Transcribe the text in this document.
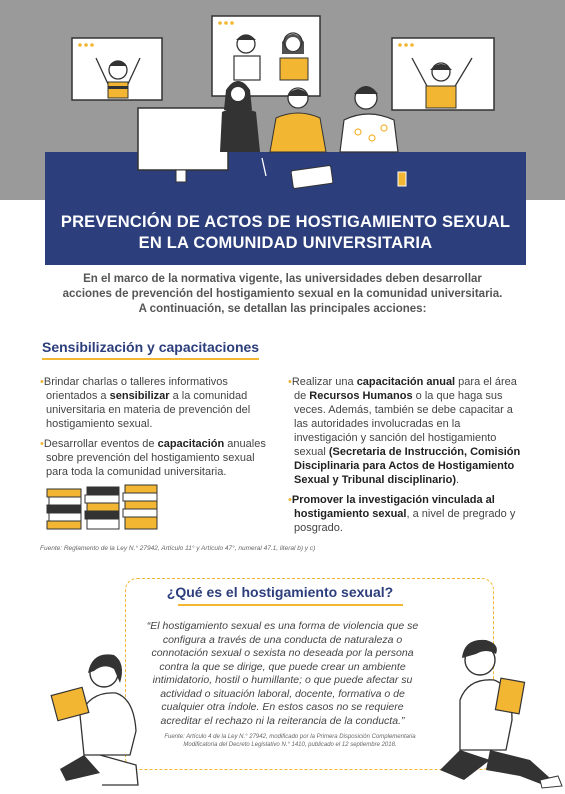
PREVENCIÓN DE ACTOS DE HOSTIGAMIENTO SEXUAL
EN LA COMUNIDAD UNIVERSITARIA
En el marco de la normativa vigente, las universidades deben desarrollar
acciones de prevención del hostigamiento sexual en la comunidad universitaria.
A continuación, se detallan las principales acciones:
Sensibilización y capacitaciones

•Brindar charlas o talleres informativos orientados a sensibilizar a la comunidad universitaria en materia de prevención del hostigamiento sexual.

•Desarrollar eventos de capacitación anuales sobre prevención del hostigamiento sexual para toda la comunidad universitaria.

•Realizar una capacitación anual para el área de Recursos Humanos o la que haga sus veces. Además, también se debe capacitar a las autoridades involucradas en la investigación y sanción del hostigamiento sexual (Secretaria de Instrucción, Comisión Disciplinaria para Actos de Hostigamiento Sexual y Tribunal disciplinario).

•Promover la investigación vinculada al hostigamiento sexual, a nivel de pregrado y posgrado.

Fuente: Reglamento de la Ley N.° 27942, Artículo 11° y Artículo 47°, numeral 47.1, literal b) y c)
¿Qué es el hostigamiento sexual?
“El hostigamiento sexual es una forma de violencia que se configura a través de una conducta de naturaleza o connotación sexual o sexista no deseada por la persona contra la que se dirige, que puede crear un ambiente intimidatorio, hostil o humillante; o que puede afectar su actividad o situación laboral, docente, formativa o de cualquier otra índole. En estos casos no se requiere acreditar el rechazo ni la reiterancia de la conducta.”
Fuente: Artículo 4 de la Ley N.° 27942, modificado por la Primera Disposición Complementaria
Modificatoria del Decreto Legislativo N.° 1410, publicado el 12 septiembre 2018.
